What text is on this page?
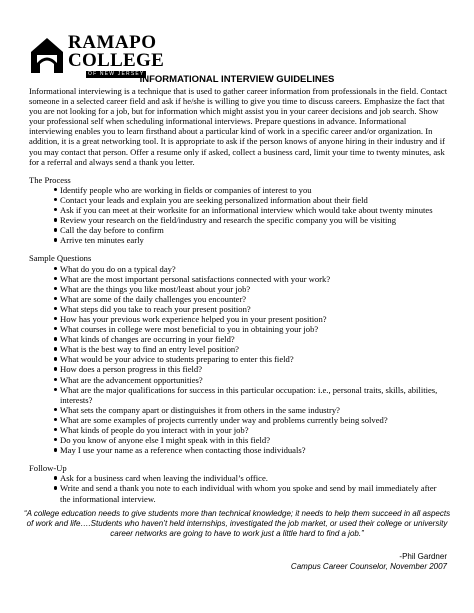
RAMAPO
COLLEGE
OF NEW JERSEY
INFORMATIONAL INTERVIEW GUIDELINES

Informational interviewing is a technique that is used to gather career information from professionals in the field. Contact someone in a selected career field and ask if he/she is willing to give you time to discuss careers. Emphasize the fact that you are not looking for a job, but for information which might assist you in your career decisions and job search. Show your professional self when scheduling informational interviews. Prepare questions in advance. Informational interviewing enables you to learn firsthand about a particular kind of work in a specific career and/or organization. In addition, it is a great networking tool. It is appropriate to ask if the person knows of anyone hiring in their industry and if you may contact that person. Offer a resume only if asked, collect a business card, limit your time to twenty minutes, ask for a referral and always send a thank you letter.

The Process

Identify people who are working in fields or companies of interest to you
Contact your leads and explain you are seeking personalized information about their field
Ask if you can meet at their worksite for an informational interview which would take about twenty minutes
Review your research on the field/industry and research the specific company you will be visiting
Call the day before to confirm
Arrive ten minutes early

Sample Questions

What do you do on a typical day?
What are the most important personal satisfactions connected with your work?
What are the things you like most/least about your job?
What are some of the daily challenges you encounter?
What steps did you take to reach your present position?
How has your previous work experience helped you in your present position?
What courses in college were most beneficial to you in obtaining your job?
What kinds of changes are occurring in your field?
What is the best way to find an entry level position?
What would be your advice to students preparing to enter this field?
How does a person progress in this field?
What are the advancement opportunities?
What are the major qualifications for success in this particular occupation: i.e., personal traits, skills, abilities, interests?
What sets the company apart or distinguishes it from others in the same industry?
What are some examples of projects currently under way and problems currently being solved?
What kinds of people do you interact with in your job?
Do you know of anyone else I might speak with in this field?
May I use your name as a reference when contacting those individuals?

Follow-Up

Ask for a business card when leaving the individual’s office.
Write and send a thank you note to each individual with whom you spoke and send by mail immediately after the informational interview.
“A college education needs to give students more than technical knowledge; it needs to help them succeed in all aspects of work and life….Students who haven’t held internships, investigated the job market, or used their college or university career networks are going to have to work just a little hard to find a job.”
-Phil Gardner
Campus Career Counselor, November 2007
